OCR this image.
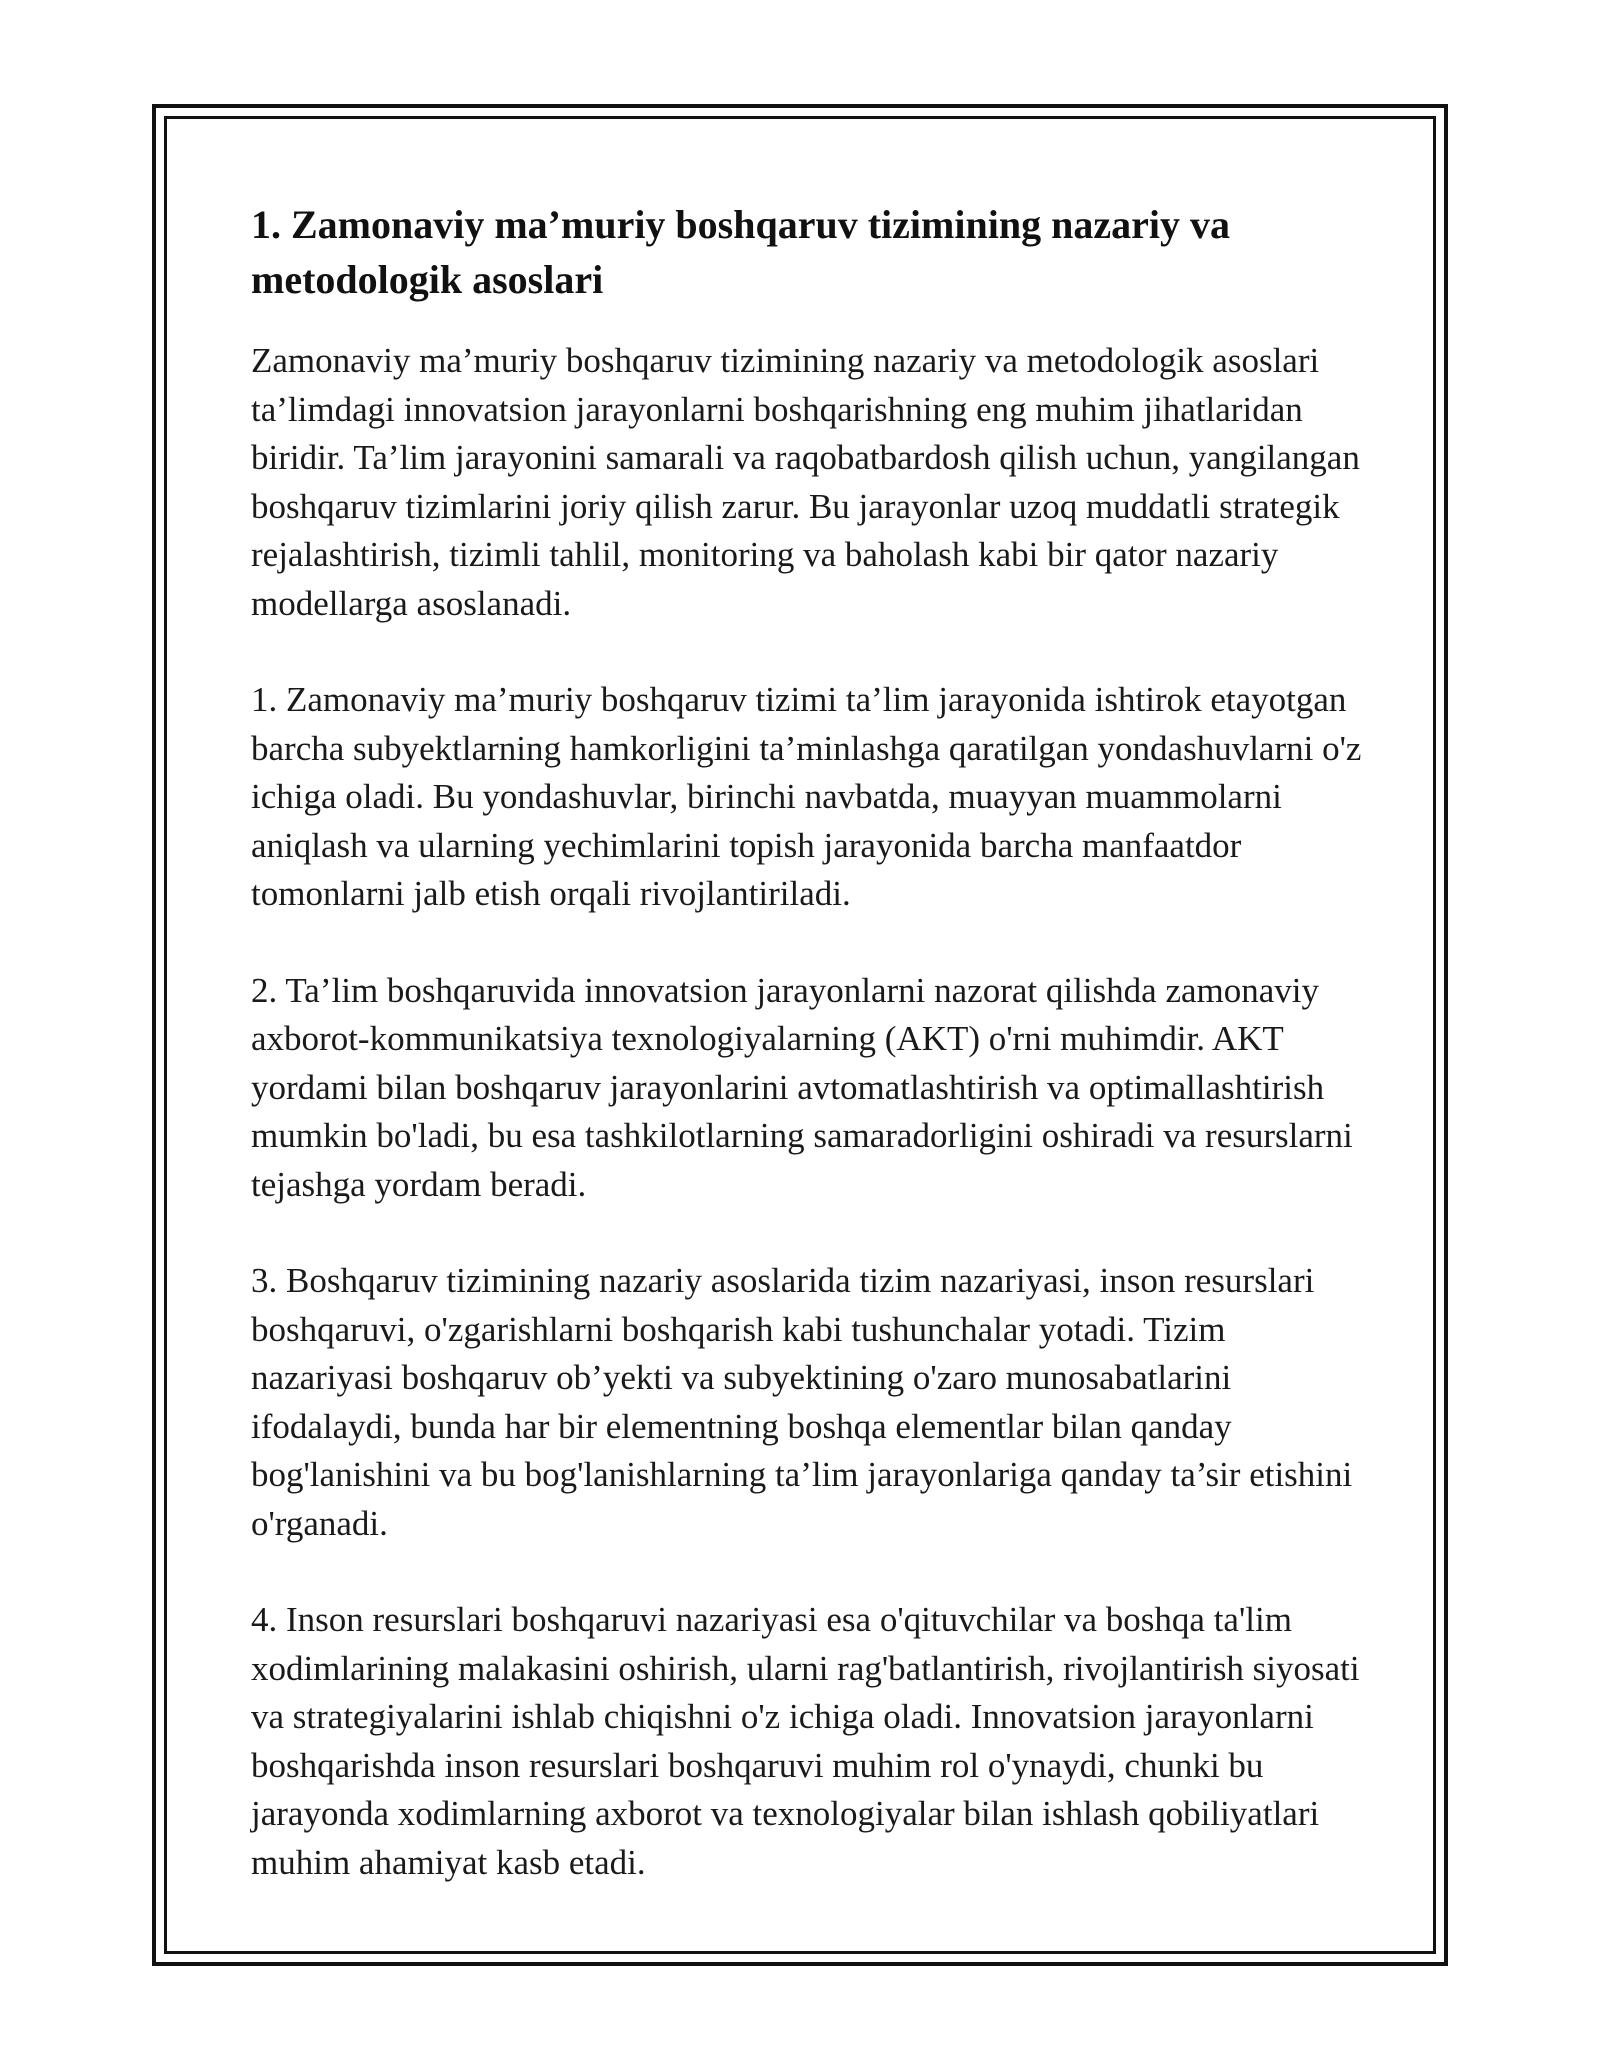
1. Zamonaviy ma’muriy boshqaruv tizimining nazariy va metodologik asoslari

Zamonaviy ma’muriy boshqaruv tizimining nazariy va metodologik asoslari ta’limdagi innovatsion jarayonlarni boshqarishning eng muhim jihatlaridan biridir. Ta’lim jarayonini samarali va raqobatbardosh qilish uchun, yangilangan boshqaruv tizimlarini joriy qilish zarur. Bu jarayonlar uzoq muddatli strategik rejalashtirish, tizimli tahlil, monitoring va baholash kabi bir qator nazariy modellarga asoslanadi.

1. Zamonaviy ma’muriy boshqaruv tizimi ta’lim jarayonida ishtirok etayotgan barcha subyektlarning hamkorligini ta’minlashga qaratilgan yondashuvlarni o'z ichiga oladi. Bu yondashuvlar, birinchi navbatda, muayyan muammolarni aniqlash va ularning yechimlarini topish jarayonida barcha manfaatdor tomonlarni jalb etish orqali rivojlantiriladi.

2. Ta’lim boshqaruvida innovatsion jarayonlarni nazorat qilishda zamonaviy axborot-kommunikatsiya texnologiyalarning (AKT) o'rni muhimdir. AKT yordami bilan boshqaruv jarayonlarini avtomatlashtirish va optimallashtirish mumkin bo'ladi, bu esa tashkilotlarning samaradorligini oshiradi va resurslarni tejashga yordam beradi.

3. Boshqaruv tizimining nazariy asoslarida tizim nazariyasi, inson resurslari boshqaruvi, o'zgarishlarni boshqarish kabi tushunchalar yotadi. Tizim nazariyasi boshqaruv ob’yekti va subyektining o'zaro munosabatlarini ifodalaydi, bunda har bir elementning boshqa elementlar bilan qanday bog'lanishini va bu bog'lanishlarning ta’lim jarayonlariga qanday ta’sir etishini o'rganadi.

4. Inson resurslari boshqaruvi nazariyasi esa o'qituvchilar va boshqa ta'lim xodimlarining malakasini oshirish, ularni rag'batlantirish, rivojlantirish siyosati va strategiyalarini ishlab chiqishni o'z ichiga oladi. Innovatsion jarayonlarni boshqarishda inson resurslari boshqaruvi muhim rol o'ynaydi, chunki bu jarayonda xodimlarning axborot va texnologiyalar bilan ishlash qobiliyatlari muhim ahamiyat kasb etadi.
